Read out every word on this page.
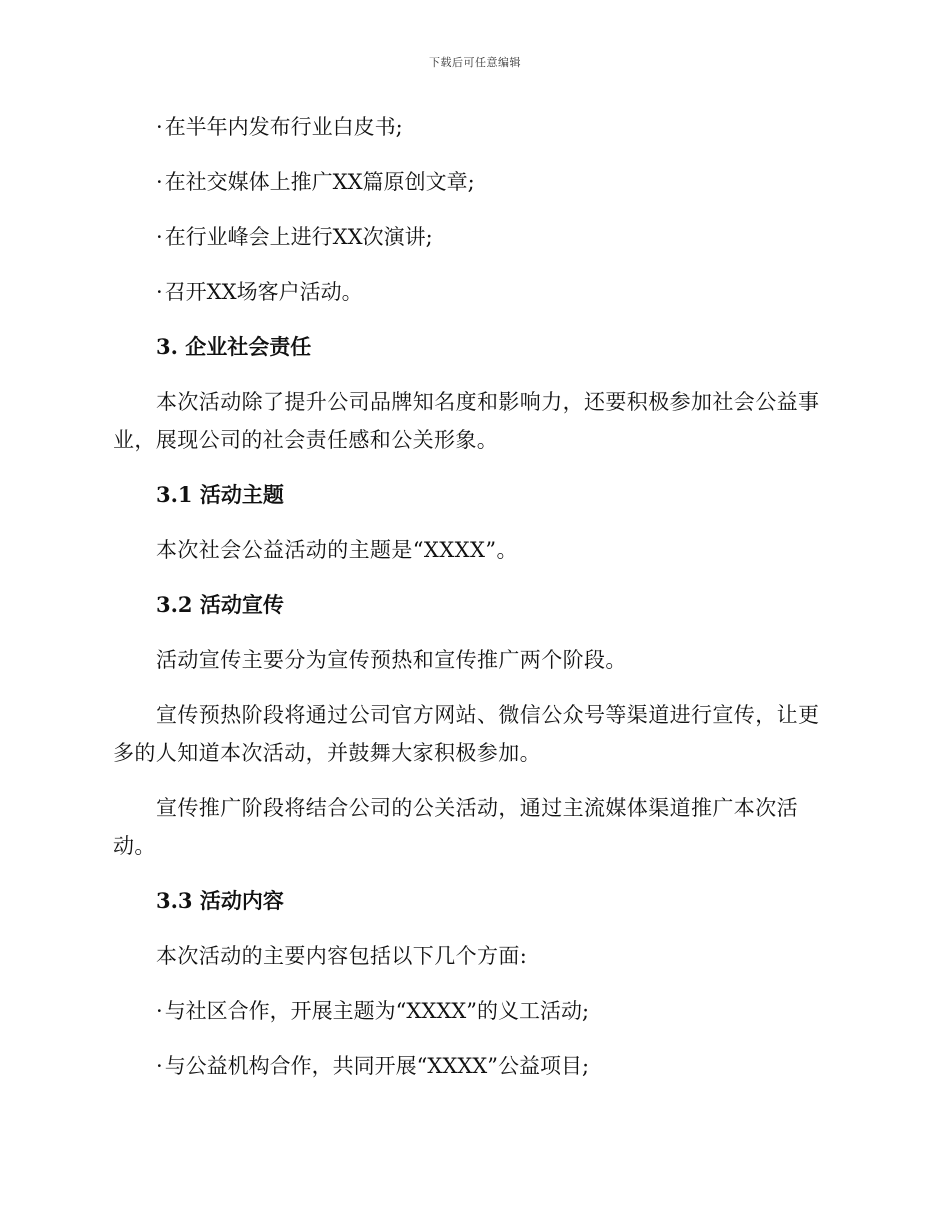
下载后可任意编辑

·在半年内发布行业白皮书;

·在社交媒体上推广XX篇原创文章;

·在行业峰会上进行XX次演讲;

·召开XX场客户活动。

3. 企业社会责任

本次活动除了提升公司品牌知名度和影响力，还要积极参加社会公益事业，展现公司的社会责任感和公关形象。

3.1 活动主题

本次社会公益活动的主题是“XXXX”。

3.2 活动宣传

活动宣传主要分为宣传预热和宣传推广两个阶段。

宣传预热阶段将通过公司官方网站、微信公众号等渠道进行宣传，让更多的人知道本次活动，并鼓舞大家积极参加。

宣传推广阶段将结合公司的公关活动，通过主流媒体渠道推广本次活动。

3.3 活动内容

本次活动的主要内容包括以下几个方面:

·与社区合作，开展主题为“XXXX”的义工活动;

·与公益机构合作，共同开展“XXXX”公益项目;
